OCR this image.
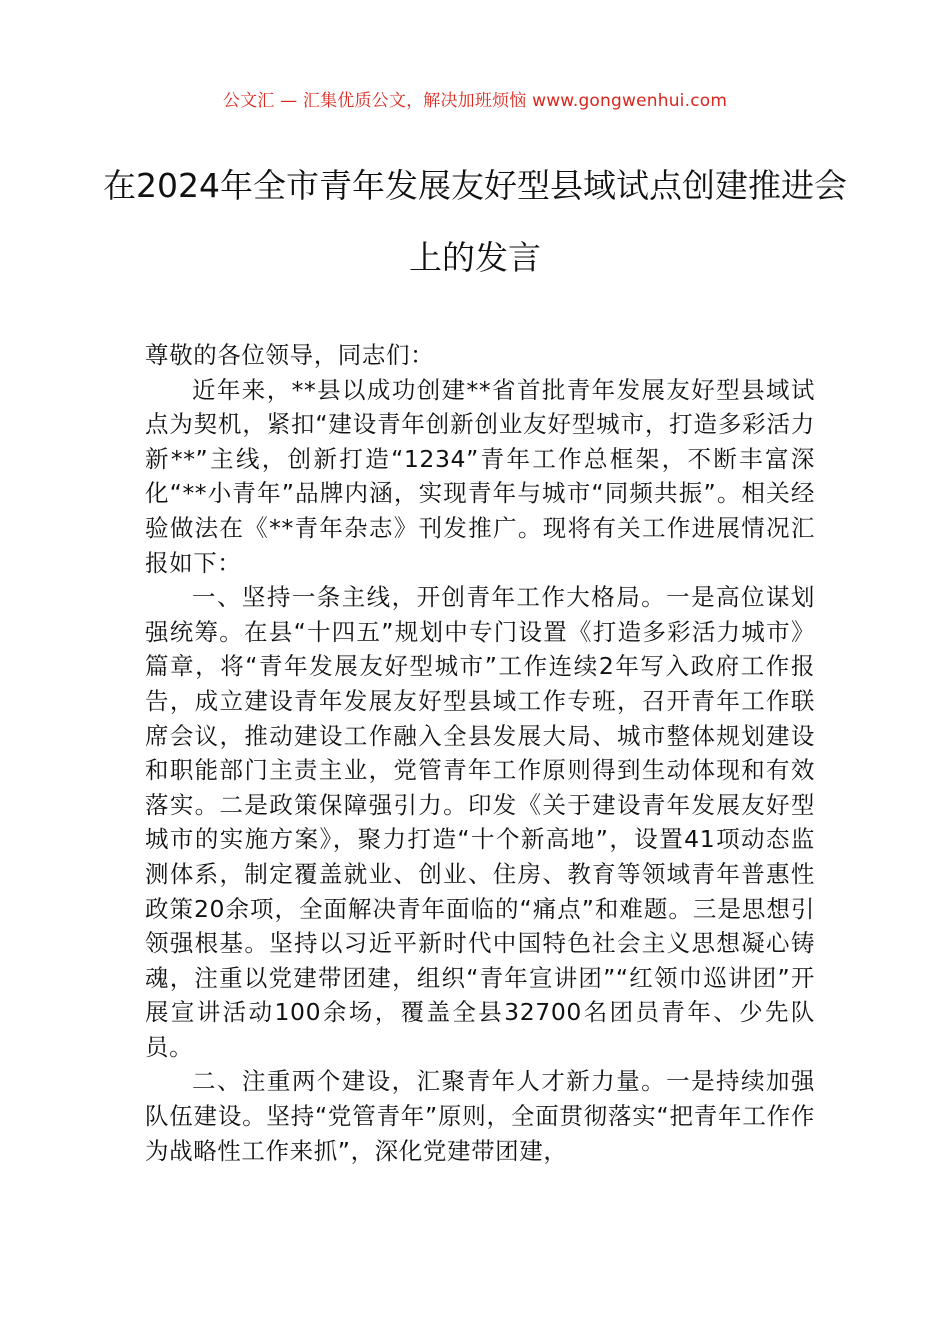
公文汇 — 汇集优质公文，解决加班烦恼 www.gongwenhui.com
在2024年全市青年发展友好型县域试点创建推进会上的发言

尊敬的各位领导，同志们：

近年来，**县以成功创建**省首批青年发展友好型县域试点为契机，紧扣“建设青年创新创业友好型城市，打造多彩活力新**”主线，创新打造“1234”青年工作总框架，不断丰富深化“**小青年”品牌内涵，实现青年与城市“同频共振”。相关经验做法在《**青年杂志》刊发推广。现将有关工作进展情况汇报如下：

一、坚持一条主线，开创青年工作大格局。一是高位谋划强统筹。在县“十四五”规划中专门设置《打造多彩活力城市》篇章，将“青年发展友好型城市”工作连续2年写入政府工作报告，成立建设青年发展友好型县域工作专班，召开青年工作联席会议，推动建设工作融入全县发展大局、城市整体规划建设和职能部门主责主业，党管青年工作原则得到生动体现和有效落实。二是政策保障强引力。印发《关于建设青年发展友好型城市的实施方案》，聚力打造“十个新高地”，设置41项动态监测体系，制定覆盖就业、创业、住房、教育等领域青年普惠性政策20余项，全面解决青年面临的“痛点”和难题。三是思想引领强根基。坚持以习近平新时代中国特色社会主义思想凝心铸魂，注重以党建带团建，组织“青年宣讲团”“红领巾巡讲团”开展宣讲活动100余场，覆盖全县32700名团员青年、少先队员。

二、注重两个建设，汇聚青年人才新力量。一是持续加强队伍建设。坚持“党管青年”原则，全面贯彻落实“把青年工作作为战略性工作来抓”，深化党建带团建，
